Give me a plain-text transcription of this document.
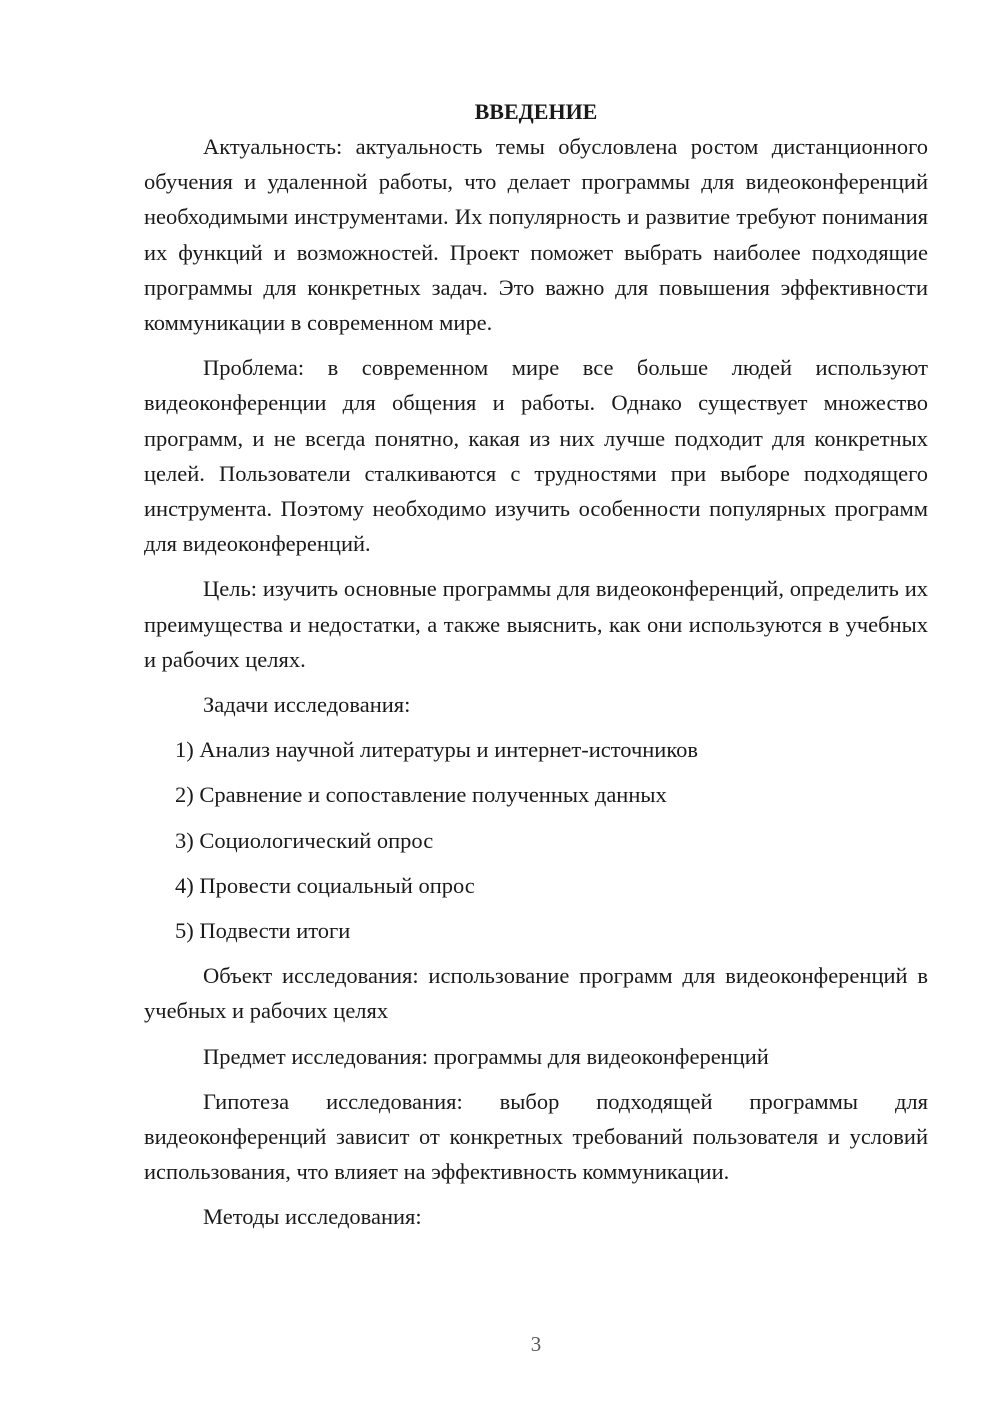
ВВЕДЕНИЕ

Актуальность: актуальность темы обусловлена ростом дистанционного обучения и удаленной работы, что делает программы для видеоконференций необходимыми инструментами. Их популярность и развитие требуют понимания их функций и возможностей. Проект поможет выбрать наиболее подходящие программы для конкретных задач. Это важно для повышения эффективности коммуникации в современном мире.

Проблема: в современном мире все больше людей используют видеоконференции для общения и работы. Однако существует множество программ, и не всегда понятно, какая из них лучше подходит для конкретных целей. Пользователи сталкиваются с трудностями при выборе подходящего инструмента. Поэтому необходимо изучить особенности популярных программ для видеоконференций.

Цель: изучить основные программы для видеоконференций, определить их преимущества и недостатки, а также выяснить, как они используются в учебных и рабочих целях.

Задачи исследования:

1) Анализ научной литературы и интернет-источников

2) Сравнение и сопоставление полученных данных

3) Социологический опрос

4) Провести социальный опрос

5) Подвести итоги

Объект исследования: использование программ для видеоконференций в учебных и рабочих целях

Предмет исследования: программы для видеоконференций

Гипотеза исследования: выбор подходящей программы для видеоконференций зависит от конкретных требований пользователя и условий использования, что влияет на эффективность коммуникации.

Методы исследования:

3
